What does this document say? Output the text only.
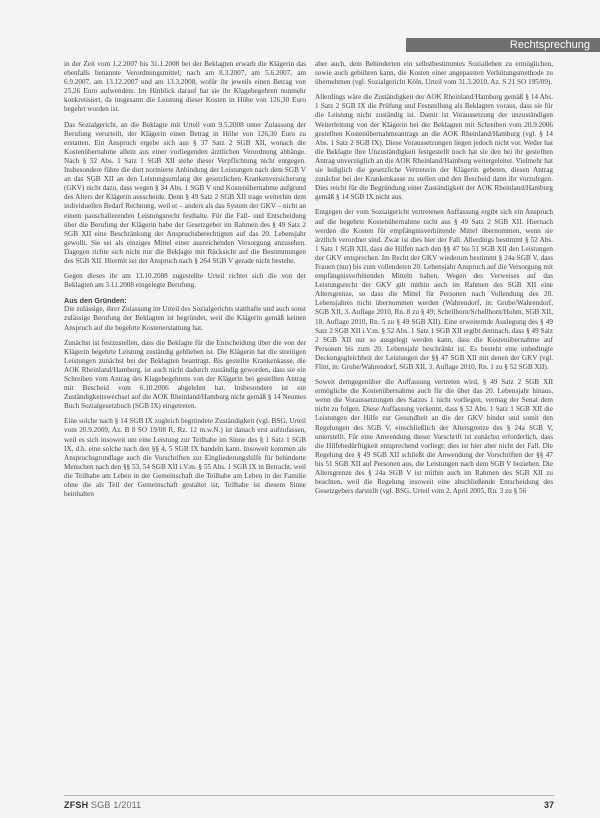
Rechtsprechung

in der Zeit vom 1.2.2007 bis 31.1.2008 bei der Beklagten erwarb die Klägerin das ebenfalls benannte Verordnungsmittel; nach am 8.3.2007, am 5.6.2007, am 6.9.2007, am 13.12.2007 und am 13.3.2008, wofür ihr jeweils einen Betrag von 25,26 Euro aufwendete. Im Hinblick darauf hat sie ihr Klagebegehren nunmehr konkretisiert, da insgesamt die Leistung dieser Kosten in Höhe von 126,30 Euro begehrt worden ist.

Das Sozialgericht, an die Beklagte mit Urteil vom 9.5.2008 unter Zulassung der Berufung verurteilt, der Klägerin einen Betrag in Höhe von 126,30 Euro zu erstatten. Ein Anspruch ergebe sich aus § 37 Satz 2 SGB XII, wonach die Kostenübernahme allein aus einer vorliegenden ärztlichen Verordnung abhänge. Nach § 52 Abs. 1 Satz 1 SGB XII stehe dieser Verpflichtung nicht entgegen. Insbesondere führe die dort normierte Anbindung der Leistungen nach dem SGB V an das SGB XII an den Leistungsumfang der gesetzlichen Krankenversicherung (GKV) nicht dazu, dass wegen § 34 Abs. 1 SGB V und Kostenübernahme aufgrund des Alters der Klägerin ausscheide. Denn § 49 Satz 2 SGB XII trage weiterhin dem individuellen Bedarf Rechnung, weil er – anders als das System der GKV – nicht an einem pauschalierenden Leistungsrecht festhalte. Für die Fall- und Entscheidung über die Berufung der Klägerin habe der Gesetzgeber im Rahmen des § 49 Satz 2 SGB XII eine Beschränkung der Anspruchsberechtigten auf das 20. Lebensjahr gewollt. Sie sei als einziges Mittel einer ausreichenden Versorgung anzusehen. Dagegen richte sich nicht nur die Beklagte mit Rücksicht auf die Bestimmungen des SGB XII. Hiermit sei der Anspruch nach § 264 SGB V gerade nicht bestehe.

Gegen dieses ihr am 13.10.2008 zugestellte Urteil richtet sich die von der Beklagten am 3.11.2008 eingelegte Berufung.

Aus den Gründen:

Die zulässige, ihrer Zulassung im Urteil des Sozialgerichts statthafte und auch sonst zulässige Berufung der Beklagten ist begründet, weil die Klägerin gemäß keinen Anspruch auf die begehrte Kostenerstattung hat.

Zunächst ist festzustellen, dass die Beklagte für die Entscheidung über die von der Klägerin begehrte Leistung zuständig geblieben ist. Die Klägerin hat die streitigen Leistungen zunächst bei der Beklagten beantragt. Bis gestellte Krankenkasse, die AOK Rheinland/Hamburg, ist auch nicht dadurch zuständig geworden, dass sie ein Schreiben vom Antrag des Klagebegehrens von der Klägerin bei gestellten Antrag mit Bescheid vom 6.10.2006 abgelehnt hat. Insbesondere ist ein Zuständigkeitswechsel auf die AOK Rheinland/Hamburg nicht gemäß § 14 Neuntes Buch Sozialgesetzbuch (SGB IX) eingetreten.

Eine solche nach § 14 SGB IX zugleich begründete Zuständigkeit (vgl. BSG, Urteil vom 20.9.2009, Az. B 8 SO 19/08 R, Rz. 12 m.w.N.) ist danach erst aufzufassen, weil es sich insoweit um eine Leistung zur Teilhabe im Sinne des § 1 Satz 1 SGB IX, d.h. eine solche nach den §§ 4, 5 SGB IX handeln kann. Insoweit kommen als Anspruchsgrundlage auch die Vorschriften zur Eingliederungshilfe für behinderte Menschen nach den §§ 53, 54 SGB XII i.V.m. § 55 Abs. 1 SGB IX in Betracht, weil die Teilhabe am Leben in der Gemeinschaft die Teilhabe am Leben in der Familie ohne die als Teil der Gemeinschaft gestaltet ist; Teilhabe ist diesem Sinne beinhalten

aber auch, dem Behinderten ein selbstbestimmtes Sozialleben zu ermöglichen, sowie auch gebühren kann, die Kosten einer angepassten Verhütungsmethode zu übernehmen (vgl. Sozialgericht Köln, Urteil vom 31.3.2010, Az. S 21 SO 195/09).

Allerdings wäre die Zuständigkeit der AOK Rheinland/Hamburg gemäß § 14 Abs. 1 Satz 2 SGB IX die Prüfung und Feststellung als Beklagten voraus, dass sie für die Leistung nicht zuständig ist. Damit ist Voraussetzung der unzuständigen Weiterleitung von der Klägerin bei der Beklagten mit Schreiben vom 20.9.2006 gestellten Kostenübernahmeantrags an die AOK Rheinland/Hamburg (vgl. § 14 Abs. 1 Satz 2 SGB IX). Diese Voraussetzungen liegen jedoch nicht vor. Weder hat die Beklagte ihre Unzuständigkeit festgestellt noch hat sie den bei ihr gestellten Antrag unverzüglich an die AOK Rheinland/Hamburg weitergeleitet. Vielmehr hat sie lediglich die gesetzliche Vertreterin der Klägerin gebeten, diesen Antrag zunächst bei der Krankenkasse zu stellen und den Bescheid dann ihr vorzulegen. Dies reicht für die Begründung einer Zuständigkeit der AOK Rheinland/Hamburg gemäß § 14 SGB IX nicht aus.

Entgegen der vom Sozialgericht vertretenen Auffassung ergibt sich ein Anspruch auf die begehrte Kostenübernahme nicht aus § 49 Satz 2 SGB XII. Hiernach werden die Kosten für empfängnisverhütende Mittel übernommen, wenn sie ärztlich verordnet sind. Zwar ist dies hier der Fall. Allerdings bestimmt § 52 Abs. 1 Satz 1 SGB XII, dass die Hilfen nach den §§ 47 bis 51 SGB XII den Leistungen der GKV entsprechen. Im Recht der GKV wiederum bestimmt § 24a SGB V, dass Frauen (nur) bis zum vollendeten 20. Lebensjahr Anspruch auf die Versorgung mit empfängnisverhütenden Mitteln haben. Wegen des Verweises auf das Leistungsrecht der GKV gilt mithin auch im Rahmen des SGB XII eine Altersgrenze, so dass die Mittel für Personen nach Vollendung des 20. Lebensjahres nicht übernommen werden (Wahrendorf, in: Grube/Wahrendorf, SGB XII, 3. Auflage 2010, Rn. 8 zu § 49; Schellhorn/Schellhorn/Hohm, SGB XII, 18. Auflage 2010, Rn. 5 zu § 49 SGB XII). Eine erweiternde Auslegung des § 49 Satz 2 SGB XII i.V.m. § 52 Abs. 1 Satz 1 SGB XII ergibt demnach, dass § 49 Satz 2 SGB XII nur so ausgelegt werden kann, dass die Kostenübernahme auf Personen bis zum 20. Lebensjahr beschränkt ist. Es besteht eine unbedingte Deckungsgleichheit der Leistungen der §§ 47 SGB XII mit denen der GKV (vgl. Flint, in: Grube/Wahrendorf, SGB XII, 3. Auflage 2010, Rn. 1 zu § 52 SGB XII).

Soweit demgegenüber die Auffassung vertreten wird, § 49 Satz 2 SGB XII ermögliche die Kostenübernahme auch für die über das 20. Lebensjahr hinaus, wenn die Voraussetzungen des Satzes 1 nicht vorliegen, vermag der Senat dem nicht zu folgen. Diese Auffassung verkennt, dass § 52 Abs. 1 Satz 1 SGB XII die Leistungen der Hilfe zur Gesundheit an die der GKV bindet und somit den Regelungen des SGB V, einschließlich der Altersgrenze des § 24a SGB V, unterstellt. Für eine Anwendung dieser Vorschrift ist zunächst erforderlich, dass die Hilfebedürftigkeit entsprechend vorliegt; dies ist hier aber nicht der Fall. Die Regelung des § 49 SGB XII schließt die Anwendung der Vorschriften der §§ 47 bis 51 SGB XII auf Personen aus, die Leistungen nach dem SGB V beziehen. Die Altersgrenze des § 24a SGB V ist mithin auch im Rahmen des SGB XII zu beachten, weil die Regelung insoweit eine abschließende Entscheidung des Gesetzgebers darstellt (vgl. BSG, Urteil vom 2. April 2005, Rn. 3 zu § 56

ZFSH SGB 1/2011	37
